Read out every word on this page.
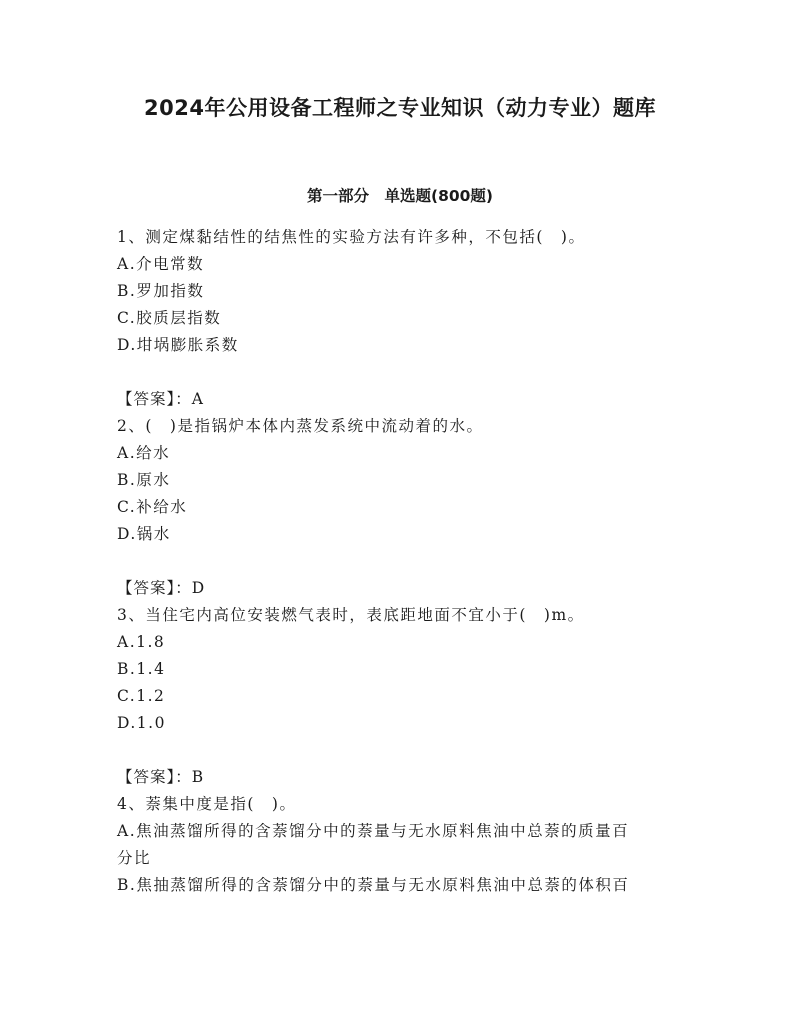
2024年公用设备工程师之专业知识（动力专业）题库
第一部分　单选题(800题)
1、测定煤黏结性的结焦性的实验方法有许多种，不包括(　)。
A.介电常数
B.罗加指数
C.胶质层指数
D.坩埚膨胀系数
【答案】：A
2、(　)是指锅炉本体内蒸发系统中流动着的水。
A.给水
B.原水
C.补给水
D.锅水
【答案】：D
3、当住宅内高位安装燃气表时，表底距地面不宜小于(　)m。
A.1.8
B.1.4
C.1.2
D.1.0
【答案】：B
4、萘集中度是指(　)。
A.焦油蒸馏所得的含萘馏分中的萘量与无水原料焦油中总萘的质量百
分比
B.焦抽蒸馏所得的含萘馏分中的萘量与无水原料焦油中总萘的体积百
